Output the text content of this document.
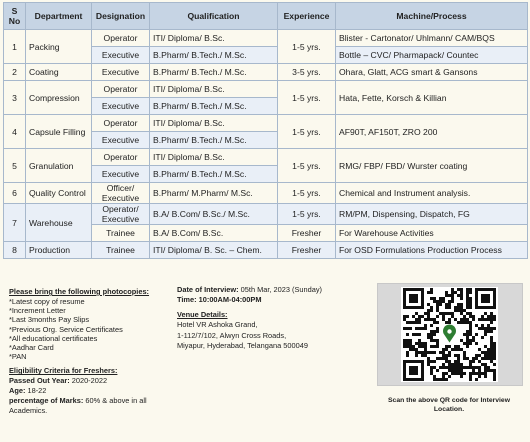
S No	Department	Designation	Qualification	Experience	Machine/Process
1	Packing	Operator	ITI/ Diploma/ B.Sc.	1-5 yrs.	Blister - Cartonator/ Uhlmann/ CAM/BQS
		Executive	B.Pharm/ B.Tech./ M.Sc.		Bottle – CVC/ Pharmapack/ Countec
2	Coating	Executive	B.Pharm/ B.Tech./ M.Sc.	3-5 yrs.	Ohara, Glatt, ACG smart & Gansons
3	Compression	Operator	ITI/ Diploma/ B.Sc.	1-5 yrs.	Hata, Fette, Korsch & Killian
		Executive	B.Pharm/ B.Tech./ M.Sc.		
4	Capsule Filling	Operator	ITI/ Diploma/ B.Sc.	1-5 yrs.	AF90T, AF150T, ZRO 200
		Executive	B.Pharm/ B.Tech./ M.Sc.		
5	Granulation	Operator	ITI/ Diploma/ B.Sc.	1-5 yrs.	RMG/ FBP/ FBD/ Wurster coating
		Executive	B.Pharm/ B.Tech./ M.Sc.		
6	Quality Control	Officer/ Executive	B.Pharm/ M.Pharm/ M.Sc.	1-5 yrs.	Chemical and Instrument analysis.
7	Warehouse	Operator/ Executive	B.A/ B.Com/ B.Sc./ M.Sc.	1-5 yrs.	RM/PM, Dispensing, Dispatch, FG
		Trainee	B.A/ B.Com/ B.Sc.	Fresher	For Warehouse Activities
8	Production	Trainee	ITI/ Diploma/ B. Sc. – Chem.	Fresher	For OSD Formulations Production Process
Please bring the following photocopies:
*Latest copy of resume
*Increment Letter
*Last 3months Pay Slips
*Previous Org. Service Certificates
*All educational certificates
*Aadhar Card
*PAN
Eligibility Criteria for Freshers:
Passed Out Year: 2020-2022
Age: 18-22
percentage of Marks: 60% & above in all Academics.
Date of Interview: 05th Mar, 2023 (Sunday)
Time: 10:00AM-04:00PM
Venue Details:
Hotel VR Ashoka Grand,
1-112/7/102, Alwyn Cross Roads,
Miyapur, Hyderabad, Telangana 500049
Scan the above QR code for Interview
Location.
